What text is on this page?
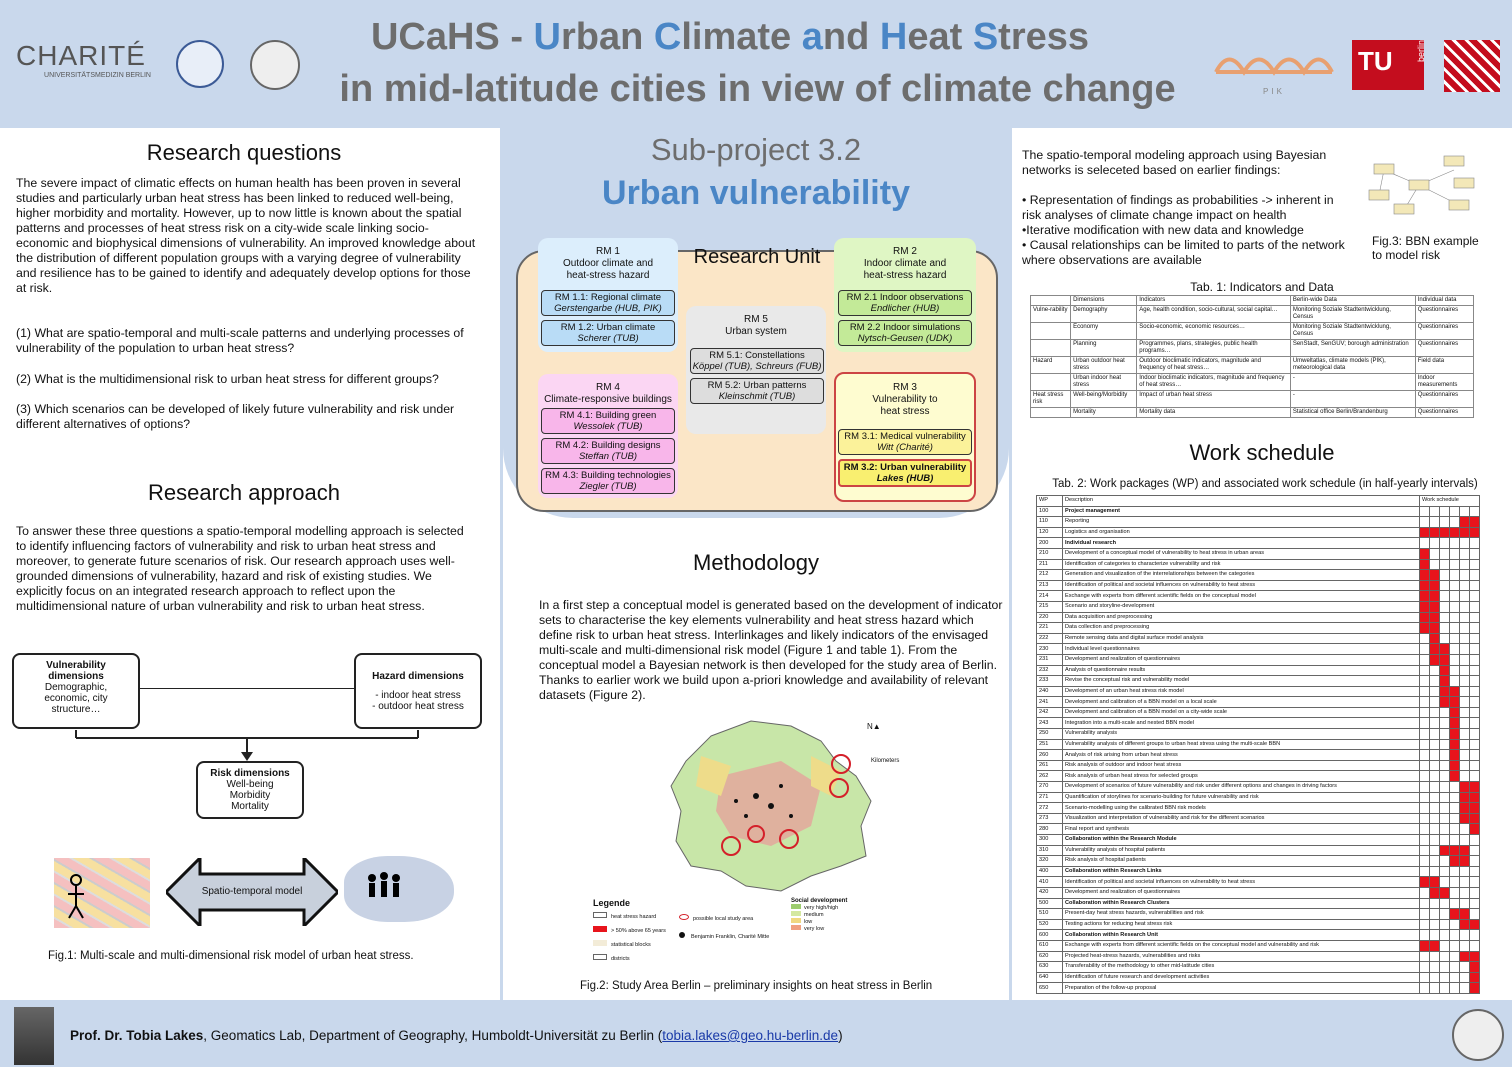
CHARITÉ
UNIVERSITÄTSMEDIZIN BERLIN
UCaHS - Urban Climate and Heat Stress
in mid-latitude cities in view of climate change	PIK
TU	berlin
Research questions
The severe impact of climatic effects on human health has been proven in several studies and particularly urban heat stress has been linked to reduced well-being, higher morbidity and mortality. However, up to now little is known about the spatial patterns and processes of heat stress risk on a city-wide scale linking socio-economic and biophysical dimensions of vulnerability. An improved knowledge about the distribution of different population groups with a varying degree of vulnerability and resilience has to be gained to identify and adequately develop options for those at risk.
(1) What are spatio-temporal and multi-scale patterns and underlying processes of vulnerability of the population to urban heat stress?
(2) What is the multidimensional risk to urban heat stress for different groups?
(3) Which scenarios can be developed of likely future vulnerability and risk under different alternatives of options?
Research approach
To answer these three questions a spatio-temporal modelling approach is selected to identify influencing factors of vulnerability and risk to urban heat stress and moreover, to generate future scenarios of risk. Our research approach uses well-grounded dimensions of vulnerability, hazard and risk of existing studies. We explicitly focus on an integrated research approach to reflect upon the multidimensional nature of urban vulnerability and risk to urban heat stress.
Vulnerability dimensions
Demographic, economic, city structure…
Hazard dimensions
- indoor heat stress
- outdoor heat stress
Risk dimensions
Well-being
Morbidity
Mortality
Spatio-temporal model
Fig.1: Multi-scale and multi-dimensional risk model of urban heat stress.
Sub-project 3.2
Urban vulnerability
Research Unit
RM 1
Outdoor climate and heat-stress hazard
RM 1.1: Regional climate
Gerstengarbe (HUB, PIK)
RM 1.2: Urban climate
Scherer (TUB)
RM 2
Indoor climate and heat-stress hazard
RM 2.1 Indoor observations
Endlicher (HUB)
RM 2.2 Indoor simulations
Nytsch-Geusen (UDK)
RM 5
Urban system
RM 5.1: Constellations
Köppel (TUB), Schreurs (FUB)
RM 5.2: Urban patterns
Kleinschmit (TUB)
RM 4
Climate-responsive buildings
RM 4.1: Building green
Wessolek (TUB)
RM 4.2: Building designs
Steffan (TUB)
RM 4.3: Building technologies
Ziegler (TUB)
RM 3
Vulnerability to heat stress
RM 3.1: Medical vulnerability
Witt (Charité)
RM 3.2: Urban vulnerability
Lakes (HUB)
Methodology
In a first step a conceptual model is generated based on the development of indicator sets to characterise the key elements vulnerability and heat stress hazard which define risk to urban heat stress. Interlinkages and likely indicators of the envisaged multi-scale and multi-dimensional risk model (Figure 1 and table 1). From the conceptual model a Bayesian network is then developed for the study area of Berlin. Thanks to earlier work we build upon a-priori knowledge and availability of relevant datasets (Figure 2).
N▲
Kilometers
Legende
heat stress hazard
> 50% above 65 years
statistical blocks
districts
possible local study area
Benjamin Franklin, Charité Mitte
Social development
very high/high
medium
low
very low
Fig.2: Study Area Berlin – preliminary insights on heat stress in Berlin
The spatio-temporal modeling approach using Bayesian networks is seleceted based on earlier findings:
• Representation of findings as probabilities -> inherent in risk analyses of climate change impact on health
•Iterative modification with new data and knowledge
• Causal relationships can be limited to parts of the network where observations are available
Fig.3: BBN example to model risk
Tab. 1: Indicators and Data
	Dimensions	Indicators	Berlin-wide Data	Individual data
Vulne-rability	Demography	Age, health condition, socio-cultural, social capital…	Monitoring Soziale Stadtentwicklung, Census	Questionnaires
	Economy	Socio-economic, economic resources…	Monitoring Soziale Stadtentwicklung, Census	Questionnaires
	Planning	Programmes, plans, strategies, public health programs…	SenStadt, SenGUV; borough administration	Questionnaires
Hazard	Urban outdoor heat stress	Outdoor bioclimatic indicators, magnitude and frequency of heat stress…	Umweltatlas, climate models (PIK), meteorological data	Field data
	Urban indoor heat stress	Indoor bioclimatic indicators, magnitude and frequency of heat stress…	-	Indoor measurements
Heat stress risk	Well-being/Morbidity	Impact of urban heat stress	-	Questionnaires
	Mortality	Mortality data	Statistical office Berlin/Brandenburg	Questionnaires
Work schedule
Tab. 2: Work packages (WP) and associated work schedule (in half-yearly intervals)
WP	Description	Work schedule					
100	Project management						
110	Reporting						
120	Logistics and organisation						
200	Individual research						
210	Development of a conceptual model of vulnerability to heat stress in urban areas						
211	Identification of categories to characterize vulnerability and risk						
212	Generation and visualization of the interrelationships between the categories						
213	Identification of political and societal influences on vulnerability to heat stress						
214	Exchange with experts from different scientific fields on the conceptual model						
215	Scenario and storyline-development						
220	Data acquisition and preprocessing						
221	Data collection and preprocessing						
222	Remote sensing data and digital surface model analysis						
230	Individual level questionnaires						
231	Development and realization of questionnaires						
232	Analysis of questionnaire results						
233	Revise the conceptual risk and vulnerability model						
240	Development of an urban heat stress risk model						
241	Development and calibration of a BBN model on a local scale						
242	Development and calibration of a BBN model on a city-wide scale						
243	Integration into a multi-scale and nested BBN model						
250	Vulnerability analysis						
251	Vulnerability analysis of different groups to urban heat stress using the multi-scale BBN						
260	Analysis of risk arising from urban heat stress						
261	Risk analysis of outdoor and indoor heat stress						
262	Risk analysis of urban heat stress for selected groups						
270	Development of scenarios of future vulnerability and risk under different options and changes in driving factors						
271	Quantification of storylines for scenario-building for future vulnerability and risk						
272	Scenario-modelling using the calibrated BBN risk models						
273	Visualization and interpretation of vulnerability and risk for the different scenarios						
280	Final report and synthesis						
300	Collaboration within the Research Module						
310	Vulnerability analysis of hospital patients						
320	Risk analysis of hospital patients						
400	Collaboration within Research Links						
410	Identification of political and societal influences on vulnerability to heat stress						
420	Development and realization of questionnaires						
500	Collaboration within Research Clusters						
510	Present-day heat stress hazards, vulnerabilities and risk						
520	Testing actions for reducing heat stress risk						
600	Collaboration within Research Unit						
610	Exchange with experts from different scientific fields on the conceptual model and vulnerability and risk						
620	Projected heat-stress hazards, vulnerabilities and risks						
630	Transferability of the methodology to other mid-latitude cities						
640	Identification of future research and development activities						
650	Preparation of the follow-up proposal						
Prof. Dr. Tobia Lakes, Geomatics Lab, Department of Geography, Humboldt-Universität zu Berlin (tobia.lakes@geo.hu-berlin.de)
